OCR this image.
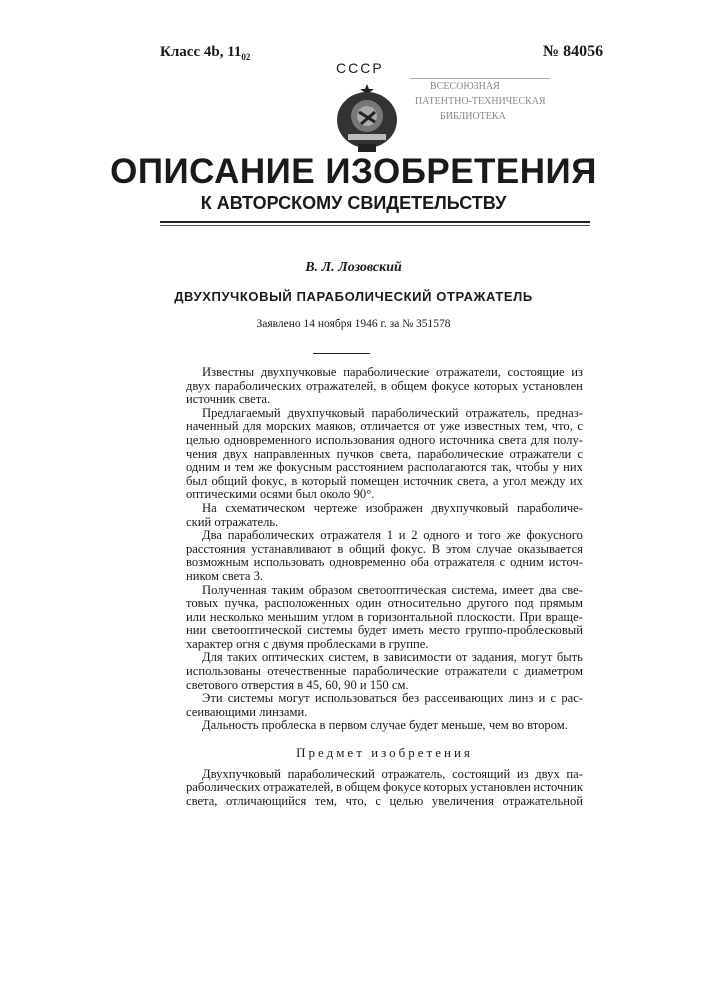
Класс 4b, 1102	№ 84056
СССР
ВСЕСОЮЗНАЯ
ПАТЕНТНО-ТЕХНИЧЕСКАЯ
БИБЛИОТЕКА
ОПИСАНИЕ ИЗОБРЕТЕНИЯ
К АВТОРСКОМУ СВИДЕТЕЛЬСТВУ
В. Л. Лозовский
ДВУХПУЧКОВЫЙ ПАРАБОЛИЧЕСКИЙ ОТРАЖАТЕЛЬ
Заявлено 14 ноября 1946 г. за № 351578
Известны двухпучковые параболические отражатели, состоящие из
двух параболических отражателей, в общем фокусе которых установлен
источник света.
Предлагаемый двухпучковый параболический отражатель, предназ-
наченный для морских маяков, отличается от уже известных тем, что, с
целью одновременного использования одного источника света для полу-
чения двух направленных пучков света, параболические отражатели с
одним и тем же фокусным расстоянием располагаются так, чтобы у них
был общий фокус, в который помещен источник света, а угол между их
оптическими осями был около 90°.
На схематическом чертеже изображен двухпучковый параболиче-
ский отражатель.
Два параболических отражателя 1 и 2 одного и того же фокусного
расстояния устанавливают в общий фокус. В этом случае оказывается
возможным использовать одновременно оба отражателя с одним источ-
ником света 3.
Полученная таким образом светооптическая система, имеет два све-
товых пучка, расположенных один относительно другого под прямым
или несколько меньшим углом в горизонтальной плоскости. При враще-
нии светооптической системы будет иметь место группо-проблесковый
характер огня с двумя проблесками в группе.
Для таких оптических систем, в зависимости от задания, могут быть
использованы отечественные параболические отражатели с диаметром
светового отверстия в 45, 60, 90 и 150 см.
Эти системы могут использоваться без рассеивающих линз и с рас-
сеивающими линзами.
Дальность проблеска в первом случае будет меньше, чем во втором.
Предмет изобретения
Двухпучковый параболический отражатель, состоящий из двух па-
раболических отражателей, в общем фокусе которых установлен источник
света, отличающийся тем, что, с целью увеличения отражательной
